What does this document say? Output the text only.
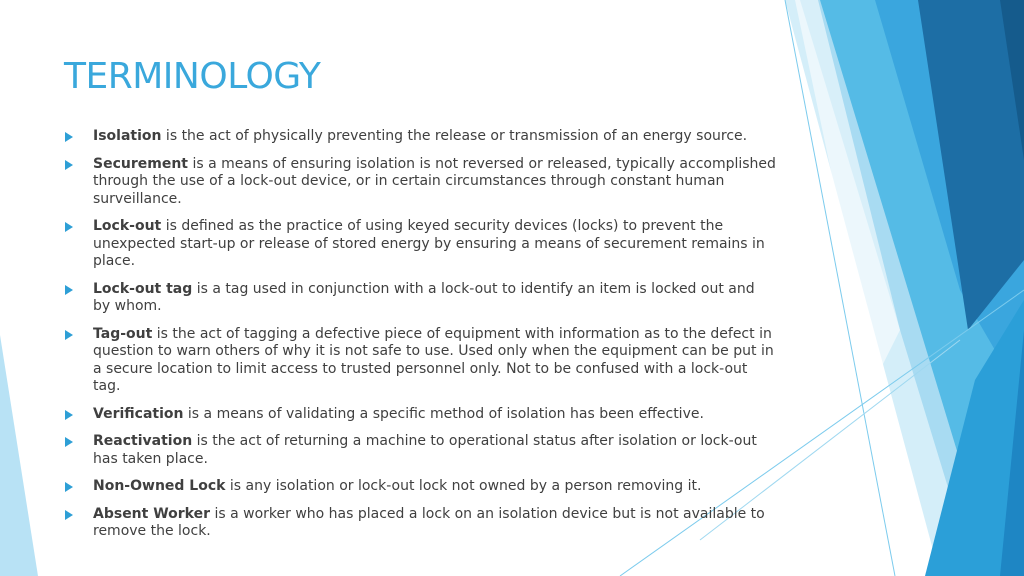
TERMINOLOGY
Isolation is the act of physically preventing the release or transmission of an energy source.
Securement is a means of ensuring isolation is not reversed or released, typically accomplished through the use of a lock-out device, or in certain circumstances through constant human surveillance.
Lock-out is defined as the practice of using keyed security devices (locks) to prevent the unexpected start-up or release of stored energy by ensuring a means of securement remains in place.
Lock-out tag is a tag used in conjunction with a lock-out to identify an item is locked out and by whom.
Tag-out is the act of tagging a defective piece of equipment with information as to the defect in question to warn others of why it is not safe to use. Used only when the equipment can be put in a secure location to limit access to trusted personnel only. Not to be confused with a lock-out tag.
Verification is a means of validating a specific method of isolation has been effective.
Reactivation is the act of returning a machine to operational status after isolation or lock-out has taken place.
Non-Owned Lock is any isolation or lock-out lock not owned by a person removing it.
Absent Worker is a worker who has placed a lock on an isolation device but is not available to remove the lock.
